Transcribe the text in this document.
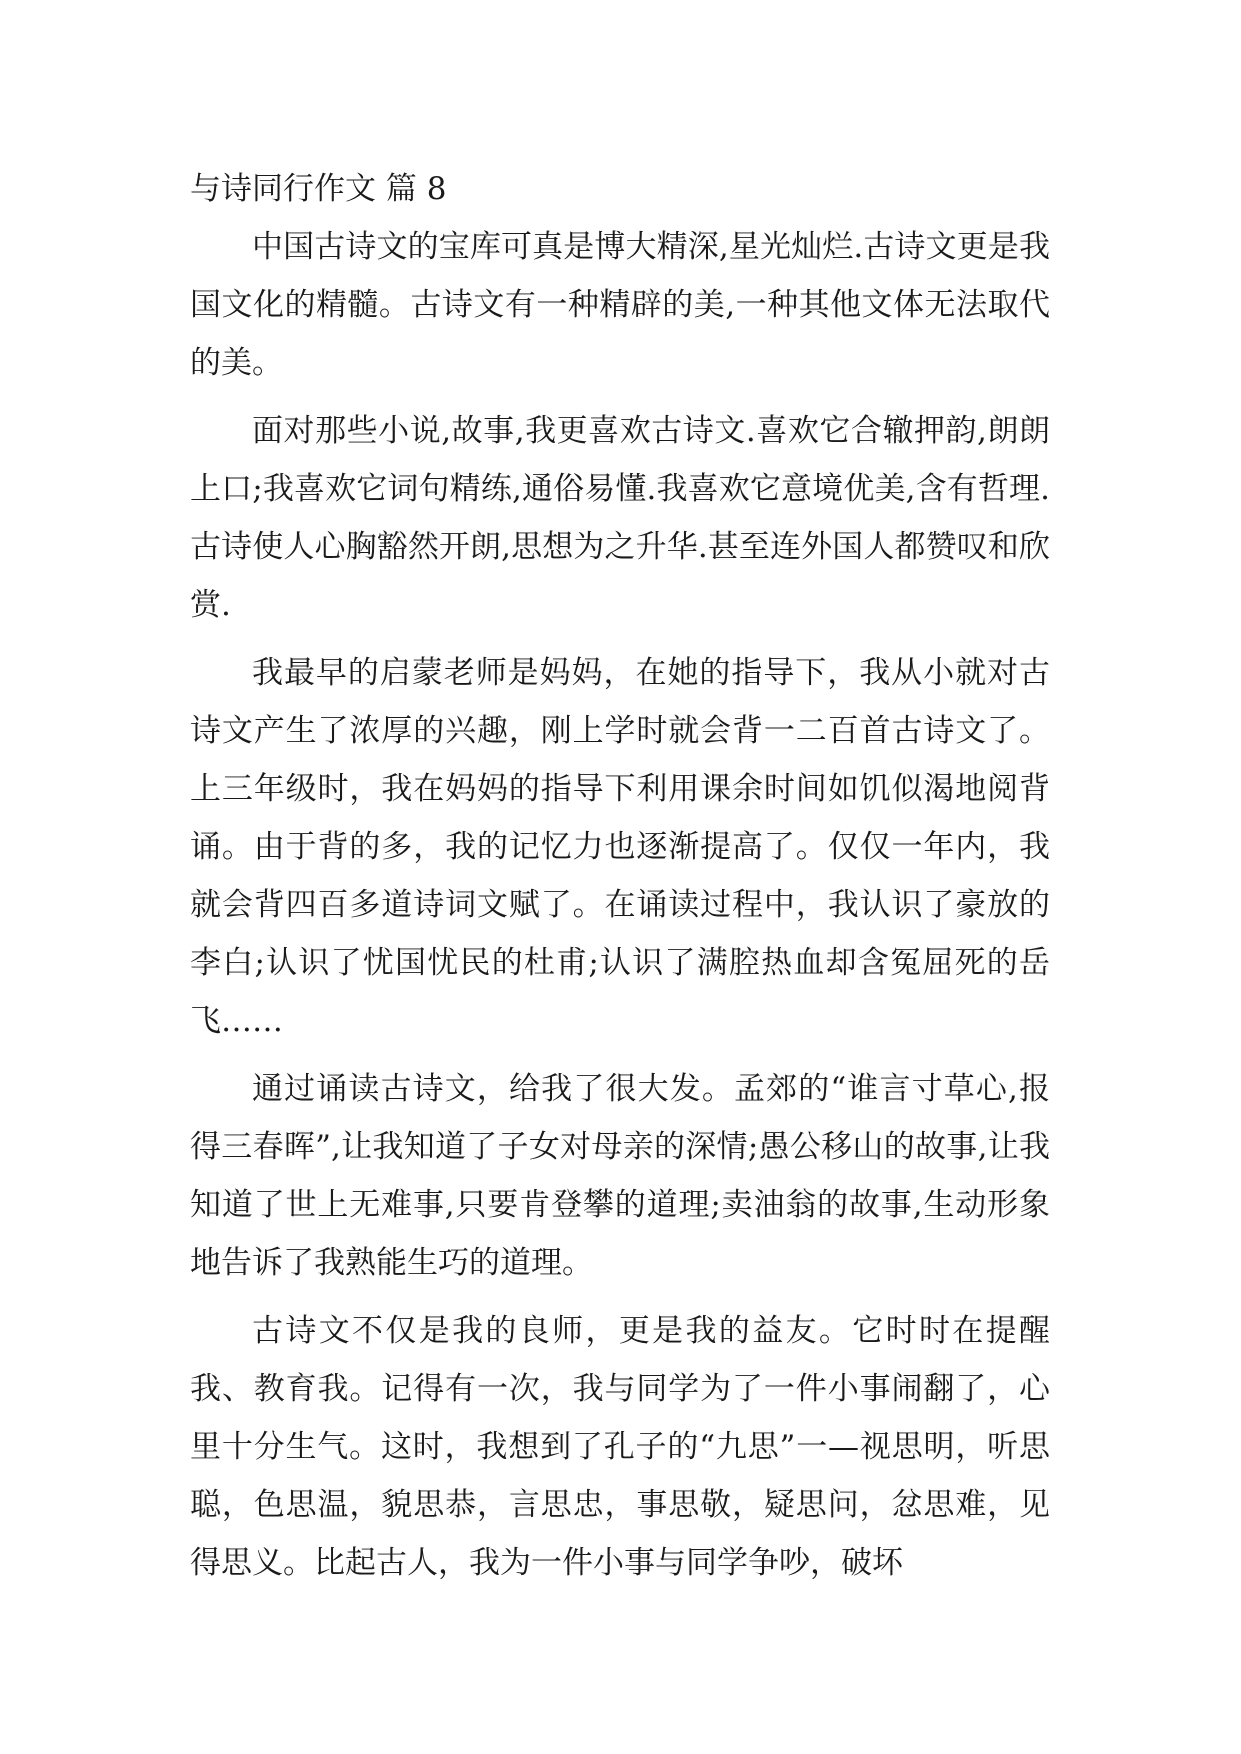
与诗同行作文 篇 8

中国古诗文的宝库可真是博大精深,星光灿烂.古诗文更是我国文化的精髓。古诗文有一种精辟的美,一种其他文体无法取代的美。

面对那些小说,故事,我更喜欢古诗文.喜欢它合辙押韵,朗朗上口;我喜欢它词句精练,通俗易懂.我喜欢它意境优美,含有哲理.古诗使人心胸豁然开朗,思想为之升华.甚至连外国人都赞叹和欣赏.

我最早的启蒙老师是妈妈，在她的指导下，我从小就对古诗文产生了浓厚的兴趣，刚上学时就会背一二百首古诗文了。上三年级时，我在妈妈的指导下利用课余时间如饥似渴地阅背诵。由于背的多，我的记忆力也逐渐提高了。仅仅一年内，我就会背四百多道诗词文赋了。在诵读过程中，我认识了豪放的李白;认识了忧国忧民的杜甫;认识了满腔热血却含冤屈死的岳飞……

通过诵读古诗文，给我了很大发。孟郊的“谁言寸草心,报得三春晖”,让我知道了子女对母亲的深情;愚公移山的故事,让我知道了世上无难事,只要肯登攀的道理;卖油翁的故事,生动形象地告诉了我熟能生巧的道理。

古诗文不仅是我的良师，更是我的益友。它时时在提醒我、教育我。记得有一次，我与同学为了一件小事闹翻了，心里十分生气。这时，我想到了孔子的“九思”一—视思明，听思聪，色思温，貌思恭，言思忠，事思敬，疑思问，忿思难，见得思义。比起古人，我为一件小事与同学争吵，破坏
